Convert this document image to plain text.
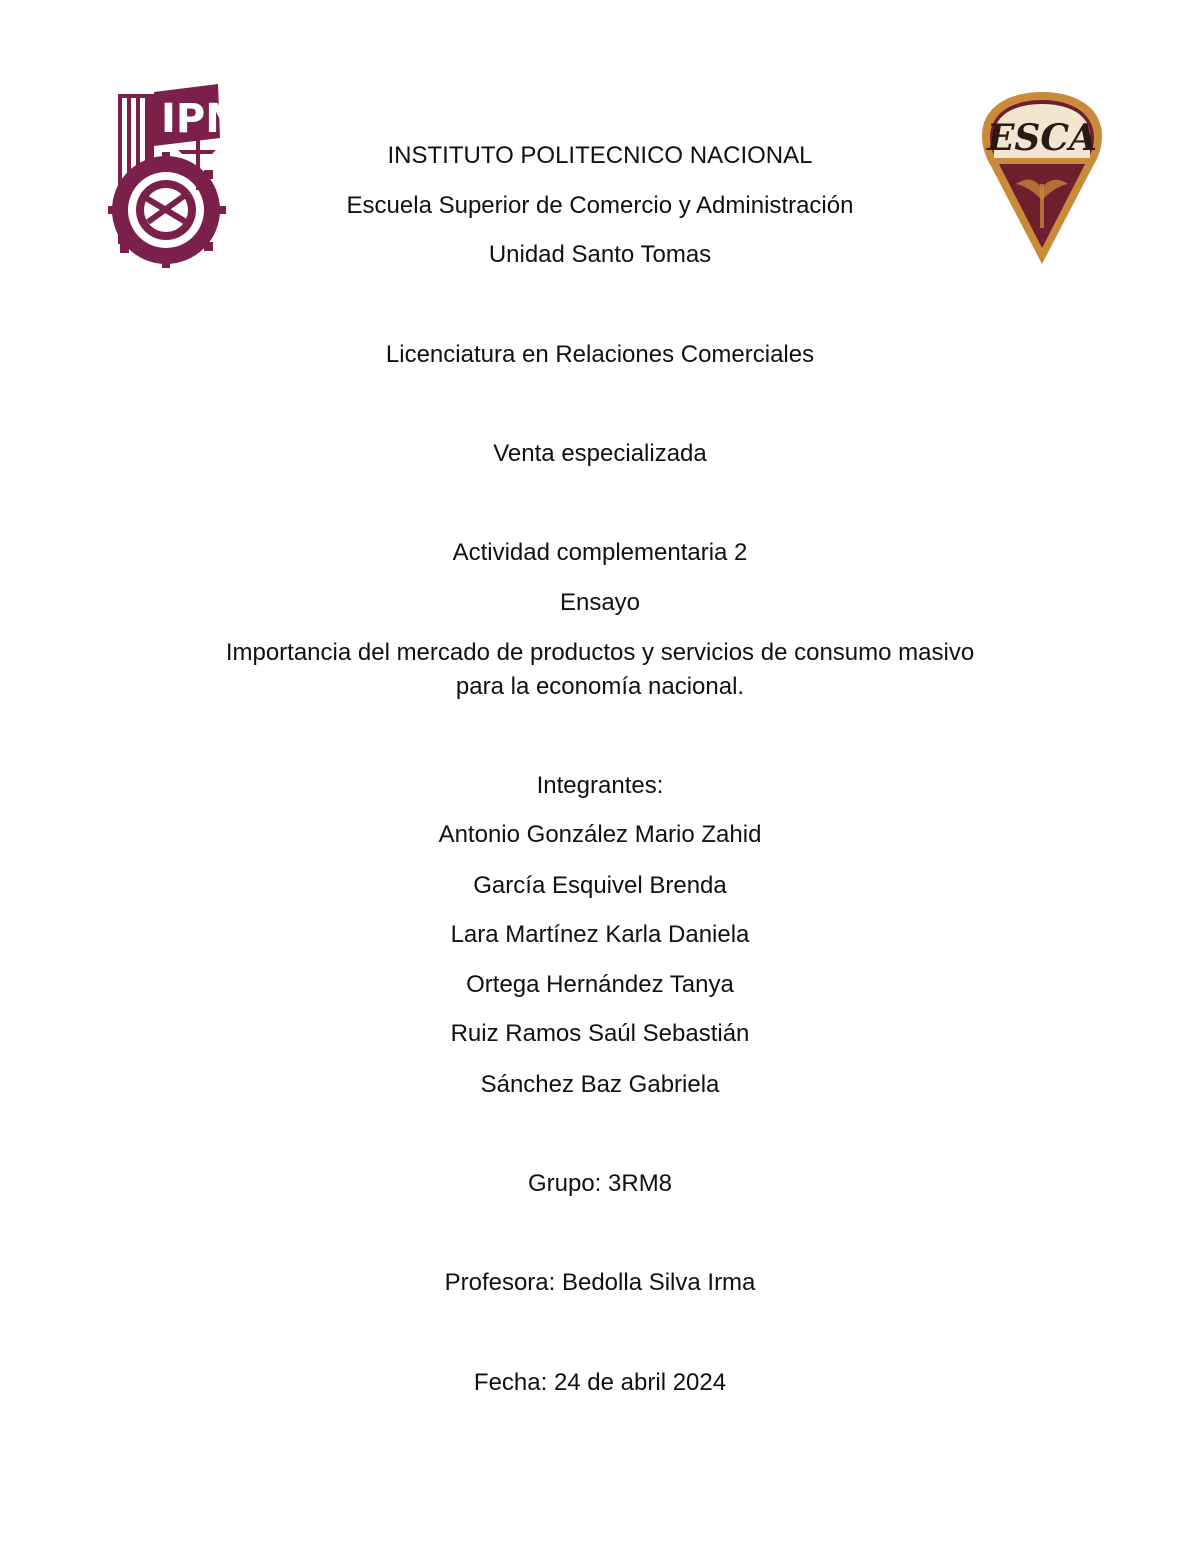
IPN	ESCA
INSTITUTO POLITECNICO NACIONAL
Escuela Superior de Comercio y Administración
Unidad Santo Tomas
Licenciatura en Relaciones Comerciales
Venta especializada
Actividad complementaria 2
Ensayo
Importancia del mercado de productos y servicios de consumo masivo
para la economía nacional.
Integrantes:
Antonio González Mario Zahid
García Esquivel Brenda
Lara Martínez Karla Daniela
Ortega Hernández Tanya
Ruiz Ramos Saúl Sebastián
Sánchez Baz Gabriela
Grupo: 3RM8
Profesora: Bedolla Silva Irma
Fecha: 24 de abril 2024
